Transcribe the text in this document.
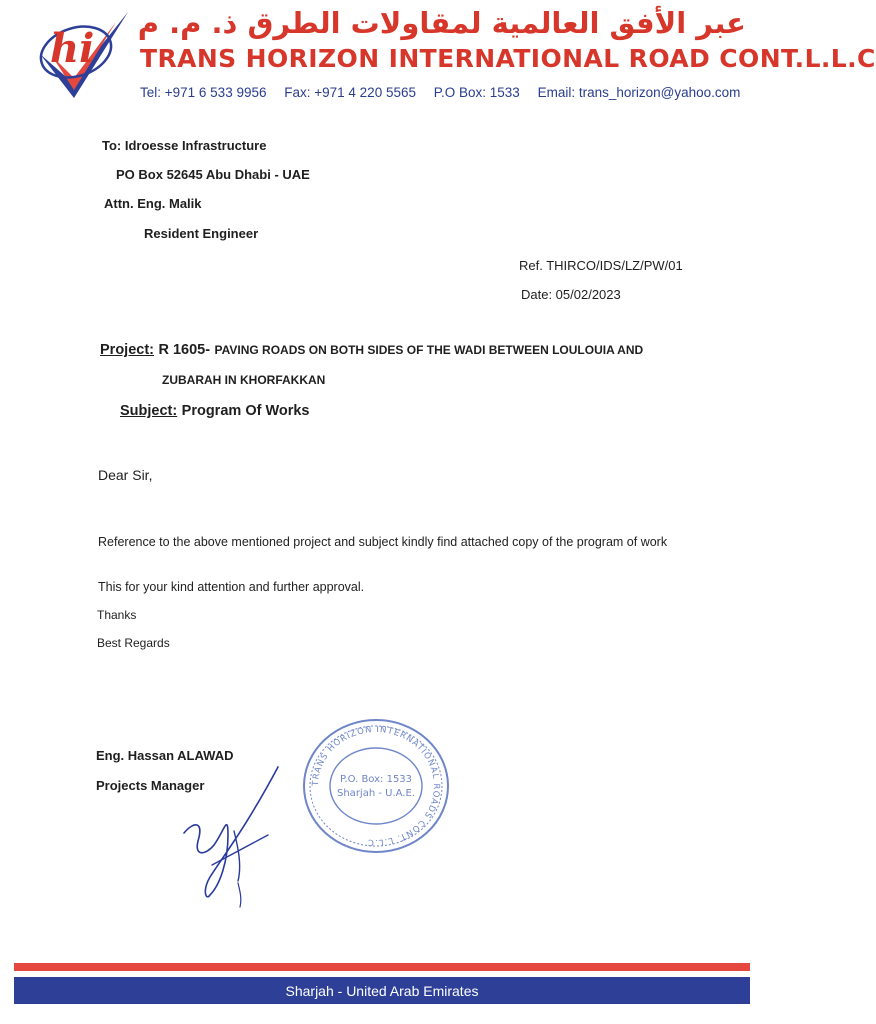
hi
عبر الأفق العالمية لمقاولات الطرق ذ. م. م
TRANS HORIZON INTERNATIONAL ROAD CONT.L.L.C
Tel: +971 6 533 9956 Fax: +971 4 220 5565 P.O Box: 1533 Email: trans_horizon@yahoo.com
To: Idroesse Infrastructure
PO Box 52645 Abu Dhabi - UAE
Attn. Eng. Malik
Resident Engineer
Ref. THIRCO/IDS/LZ/PW/01
Date: 05/02/2023
Project: R 1605- PAVING ROADS ON BOTH SIDES OF THE WADI BETWEEN LOULOUIA AND
ZUBARAH IN KHORFAKKAN
Subject: Program Of Works
Dear Sir,
Reference to the above mentioned project and subject kindly find attached copy of the program of work
This for your kind attention and further approval.
Thanks
Best Regards
Eng. Hassan ALAWAD
Projects Manager	TRANS HORIZON INTERNATIONAL ROADS CONT. L.L.C
P.O. Box: 1533
Sharjah - U.A.E.
Sharjah - United Arab Emirates
